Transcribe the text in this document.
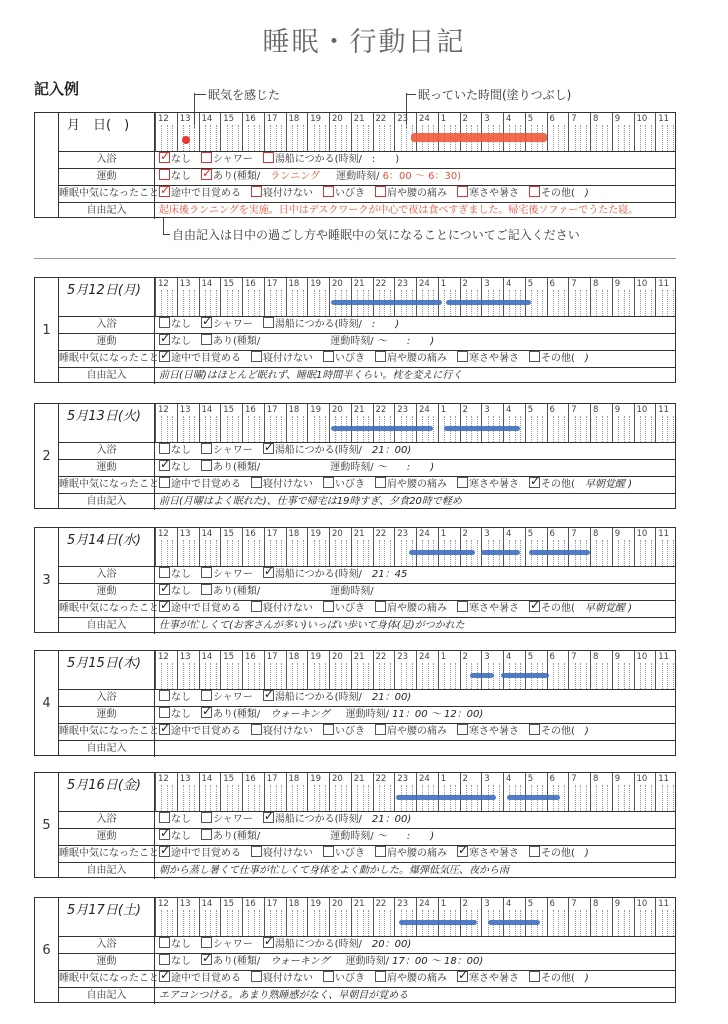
睡眠・行動日記
記入例	眠気を感じた	眠っていた時間(塗りつぶし)
月　日(　)	12 13 14 15 16 17 18 19 20 21 22 23 24 1 2 3 4 5 6 7 8 9 10 11
入浴 ✓	なし シャワー 湯船につかる(時刻/ :　　)
運動	なし ✓ あり(種類/ ランニング 運動時刻/ 6：00 〜 6：30)
睡眠中気になったこと ✓	途中で目覚める 寝付けない いびき 肩や腰の痛み 寒さや暑さ その他( )
自由記入	起床後ランニングを実施。日中はデスクワークが中心で夜は食べすぎました。帰宅後ソファーでうたた寝。
自由記入は日中の過ごし方や睡眠中の気になることについてご記入ください
1
5月12日(月) 12 13 14 15 16 17 18 19 20 21 22 23 24 1 2 3 4 5 6 7 8 9 10 11
入浴	なし ✓ シャワー 湯船につかる(時刻/ :　　)
運動 ✓	なし あり(種類/	運動時刻/ 〜　　:　　)
睡眠中気になったこと ✓	途中で目覚める 寝付けない いびき 肩や腰の痛み 寒さや暑さ その他( )
自由記入	前日(日曜)はほとんど眠れず、睡眠1時間半くらい。枕を変えに行く
2
5月13日(火) 12 13 14 15 16 17 18 19 20 21 22 23 24 1 2 3 4 5 6 7 8 9 10 11
入浴	なし シャワー ✓ 湯船につかる(時刻/ 21：00)
運動 ✓	なし あり(種類/	運動時刻/ 〜　　:　　)
睡眠中気になったこと	途中で目覚める 寝付けない いびき 肩や腰の痛み 寒さや暑さ ✓ その他( 早朝覚醒 )
自由記入	前日(月曜はよく眠れた)、仕事で帰宅は19時すぎ、夕食20時で軽め
3
5月14日(水) 12 13 14 15 16 17 18 19 20 21 22 23 24 1 2 3 4 5 6 7 8 9 10 11
入浴	なし シャワー ✓ 湯船につかる(時刻/ 21：45
運動 ✓	なし あり(種類/	運動時刻/
睡眠中気になったこと ✓	途中で目覚める 寝付けない いびき 肩や腰の痛み 寒さや暑さ ✓ その他( 早朝覚醒 )
自由記入	仕事が忙しくて(お客さんが多い)いっぱい歩いて身体(足)がつかれた
4
5月15日(木) 12 13 14 15 16 17 18 19 20 21 22 23 24 1 2 3 4 5 6 7 8 9 10 11
入浴	なし シャワー ✓ 湯船につかる(時刻/ 21：00)
運動	なし ✓ あり(種類/ ウォーキング 運動時刻/ 11：00 〜 12：00)
睡眠中気になったこと ✓	途中で目覚める 寝付けない いびき 肩や腰の痛み 寒さや暑さ その他( )
自由記入
5
5月16日(金) 12 13 14 15 16 17 18 19 20 21 22 23 24 1 2 3 4 5 6 7 8 9 10 11
入浴	なし シャワー ✓ 湯船につかる(時刻/ 21：00)
運動 ✓	なし あり(種類/	運動時刻/ 〜　　:　　)
睡眠中気になったこと ✓	途中で目覚める 寝付けない いびき 肩や腰の痛み ✓ 寒さや暑さ その他( )
自由記入	朝から蒸し暑くて仕事が忙しくて身体をよく動かした。爆弾低気圧、夜から雨
6
5月17日(土) 12 13 14 15 16 17 18 19 20 21 22 23 24 1 2 3 4 5 6 7 8 9 10 11
入浴	なし シャワー ✓ 湯船につかる(時刻/ 20：00)
運動	なし ✓ あり(種類/ ウォーキング 運動時刻/ 17：00 〜 18：00)
睡眠中気になったこと ✓	途中で目覚める 寝付けない いびき 肩や腰の痛み ✓ 寒さや暑さ その他( )
自由記入	エアコンつける。あまり熟睡感がなく、早朝目が覚める
